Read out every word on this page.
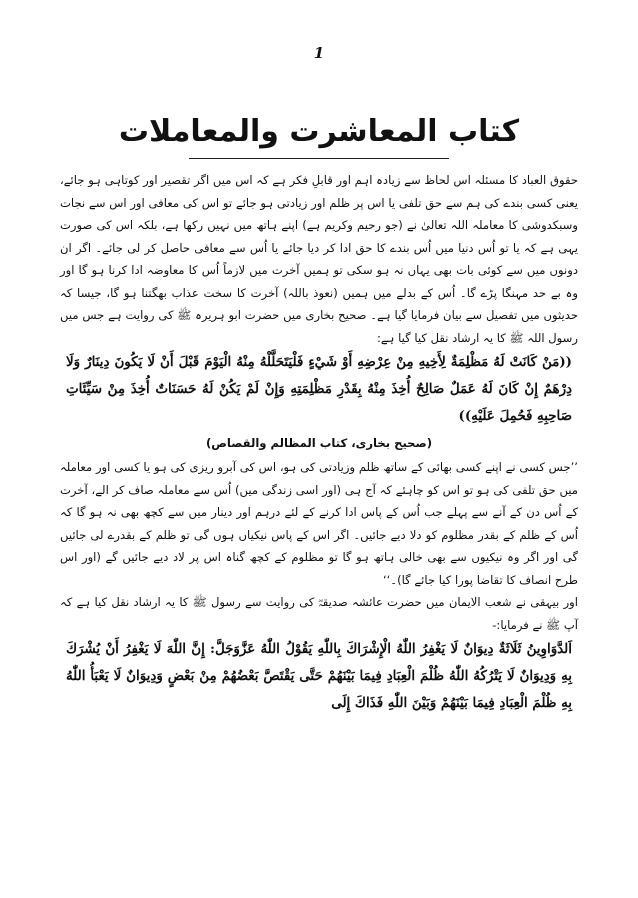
1
کتاب المعاشرت والمعاملات

حقوق العباد کا مسئلہ اس لحاظ سے زیادہ اہم اور قابلِ فکر ہے کہ اس میں اگر تقصیر اور کوتاہی ہو جائے، یعنی کسی بندے کی ہم سے حق تلفی یا اس پر ظلم اور زیادتی ہو جائے تو اس کی معافی اور اس سے نجات وسبکدوشی کا معاملہ اللہ تعالیٰ نے (جو رحیم وکریم ہے) اپنے ہاتھ میں نہیں رکھا ہے، بلکہ اس کی صورت یہی ہے کہ یا تو اُس دنیا میں اُس بندے کا حق ادا کر دیا جائے یا اُس سے معافی حاصل کر لی جائے۔ اگر ان دونوں میں سے کوئی بات بھی یہاں نہ ہو سکی تو ہمیں آخرت میں لازماً اُس کا معاوضہ ادا کرنا ہو گا اور وہ بے حد مہنگا پڑے گا۔ اُس کے بدلے میں ہمیں (نعوذ باللہ) آخرت کا سخت عذاب بھگتنا ہو گا، جیسا کہ حدیثوں میں تفصیل سے بیان فرمایا گیا ہے۔ صحیح بخاری میں حضرت ابو ہریرہ ﷺ کی روایت ہے جس میں رسول اللہ ﷺ کا یہ ارشاد نقل کیا گیا ہے:

((مَنْ كَانَتْ لَهُ مَظْلِمَةٌ لِأَخِيهِ مِنْ عِرْضِهِ أَوْ شَيْءٍ فَلْيَتَحَلَّلْهُ مِنْهُ الْيَوْمَ قَبْلَ أَنْ لَا يَكُونَ دِينَارٌ وَلَا دِرْهَمٌ إِنْ كَانَ لَهُ عَمَلٌ صَالِحٌ أُخِذَ مِنْهُ بِقَدْرِ مَظْلِمَتِهِ وَإِنْ لَمْ يَكُنْ لَهُ حَسَنَاتٌ أُخِذَ مِنْ سَيِّئَاتِ صَاحِبِهِ فَحُمِلَ عَلَيْهِ))

(صحیح بخاری، کتاب المظالم والقصاص)

’’جس کسی نے اپنے کسی بھائی کے ساتھ ظلم وزیادتی کی ہو، اس کی آبرو ریزی کی ہو یا کسی اور معاملہ میں حق تلفی کی ہو تو اس کو چاہئے کہ آج ہی (اور اسی زندگی میں) اُس سے معاملہ صاف کر الے، آخرت کے اُس دن کے آنے سے پہلے جب اُس کے پاس ادا کرنے کے لئے درہم اور دینار میں سے کچھ بھی نہ ہو گا کہ اُس کے ظلم کے بقدر مظلوم کو دلا دیے جائیں۔ اگر اس کے پاس نیکیاں ہوں گی تو ظلم کے بقدرے لی جائیں گی اور اگر وہ نیکیوں سے بھی خالی ہاتھ ہو گا تو مظلوم کے کچھ گناہ اس پر لاد دیے جائیں گے (اور اس طرح انصاف کا تقاضا پورا کیا جائے گا)۔‘‘

اور بیہقی نے شعب الایمان میں حضرت عائشہ صدیقہؓ کی روایت سے رسول ﷺ کا یہ ارشاد نقل کیا ہے کہ آپ ﷺ نے فرمایا:-

اَلدَّوَاوِينُ ثَلَاثَةٌ دِيوَانٌ لَا يَغْفِرُ اللّٰهُ الْإِشْرَاكَ بِاللّٰهِ يَقُوْلُ اللّٰهُ عَزَّوَجَلَّ: إِنَّ اللّٰهَ لَا يَغْفِرُ أَنْ يُشْرَكَ بِهِ وَدِيوَانٌ لَا يَتْرُكُهُ اللّٰهُ ظُلْمَ الْعِبَادِ فِيمَا بَيْنَهُمْ حَتَّى يَقْتَصَّ بَعْضُهُمْ مِنْ بَعْضٍ وَدِيوَانٌ لَا يَعْبَأُ اللّٰهُ بِهِ ظُلْمَ الْعِبَادِ فِيمَا بَيْنَهُمْ وَبَيْنَ اللّٰهِ فَذَاكَ إِلَى
